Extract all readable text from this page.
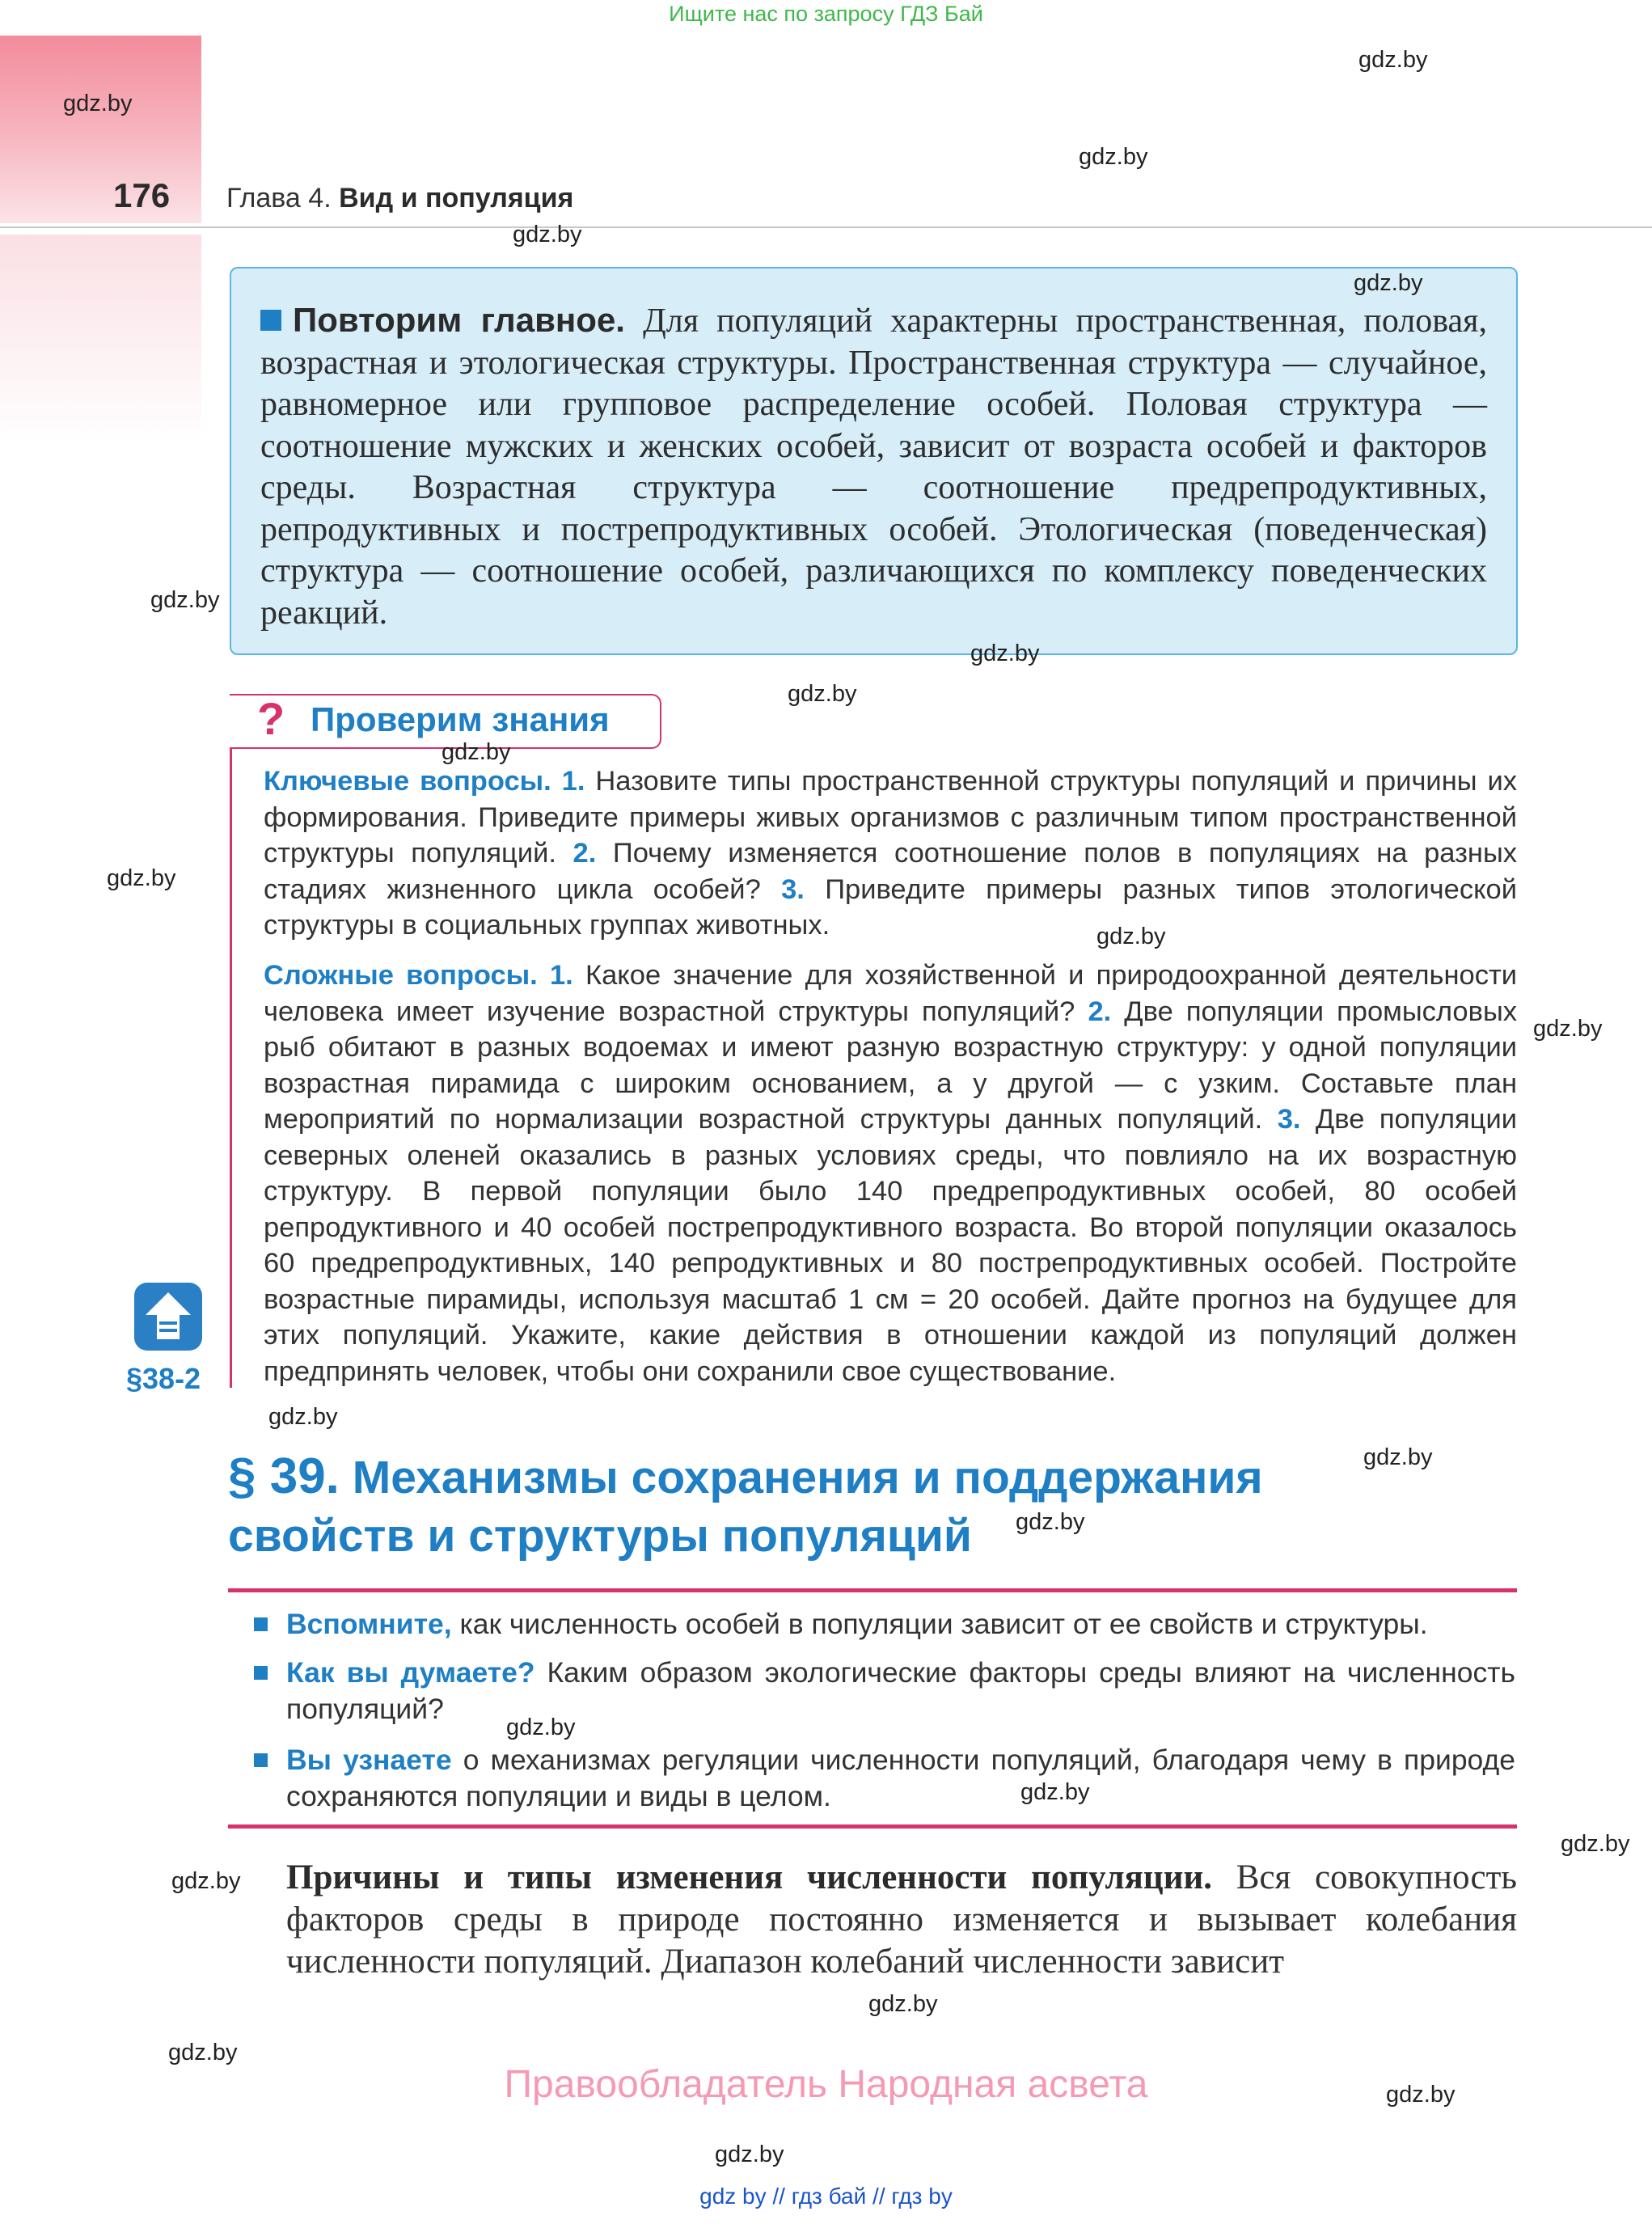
Ищите нас по запросу ГДЗ Бай
176 Глава 4. Вид и популяция
Повторим главное. Для популяций характерны пространственная, половая, возрастная и этологическая структуры. Пространственная структура — случайное, равномерное или групповое распределение особей. Половая структура — соотношение мужских и женских особей, зависит от возраста особей и факторов среды. Возрастная структура — соотношение предрепродуктивных, репродуктивных и пострепродуктивных особей. Этологическая (поведенческая) структура — соотношение особей, различающихся по комплексу поведенческих реакций.
? Проверим знания
Ключевые вопросы. 1. Назовите типы пространственной структуры популяций и причины их формирования. Приведите примеры живых организмов с различным типом пространственной структуры популяций. 2. Почему изменяется соотношение полов в популяциях на разных стадиях жизненного цикла особей? 3. Приведите примеры разных типов этологической структуры в социальных группах животных.
Сложные вопросы. 1. Какое значение для хозяйственной и природоохранной деятельности человека имеет изучение возрастной структуры популяций? 2. Две популяции промысловых рыб обитают в разных водоемах и имеют разную возрастную структуру: у одной популяции возрастная пирамида с широким основанием, а у другой — с узким. Составьте план мероприятий по нормализации возрастной структуры данных популяций. 3. Две популяции северных оленей оказались в разных условиях среды, что повлияло на их возрастную структуру. В первой популяции было 140 предрепродуктивных особей, 80 особей репродуктивного и 40 особей пострепродуктивного возраста. Во второй популяции оказалось 60 предрепродуктивных, 140 репродуктивных и 80 пострепродуктивных особей. Постройте возрастные пирамиды, используя масштаб 1 см = 20 особей. Дайте прогноз на будущее для этих популяций. Укажите, какие действия в отношении каждой из популяций должен предпринять человек, чтобы они сохранили свое существование.
§38-2
§ 39. Механизмы сохранения и поддержания свойств и структуры популяций
Вспомните, как численность особей в популяции зависит от ее свойств и структуры.
Как вы думаете? Каким образом экологические факторы среды влияют на численность популяций?
Вы узнаете о механизмах регуляции численности популяций, благодаря чему в природе сохраняются популяции и виды в целом.
Причины и типы изменения численности популяции. Вся совокупность факторов среды в природе постоянно изменяется и вызывает колебания численности популяций. Диапазон колебаний численности зависит
gdz.by
gdz.by
gdz.by
gdz.by
gdz.by
gdz.by
gdz.by
gdz.by
gdz.by
gdz.by
gdz.by
gdz.by
gdz.by
gdz.by
gdz.by
gdz.by
gdz.by
gdz.by
gdz.by
gdz.by
gdz.by
gdz.by
gdz.by
Правообладатель Народная асвета
gdz by // гдз бай // гдз by
